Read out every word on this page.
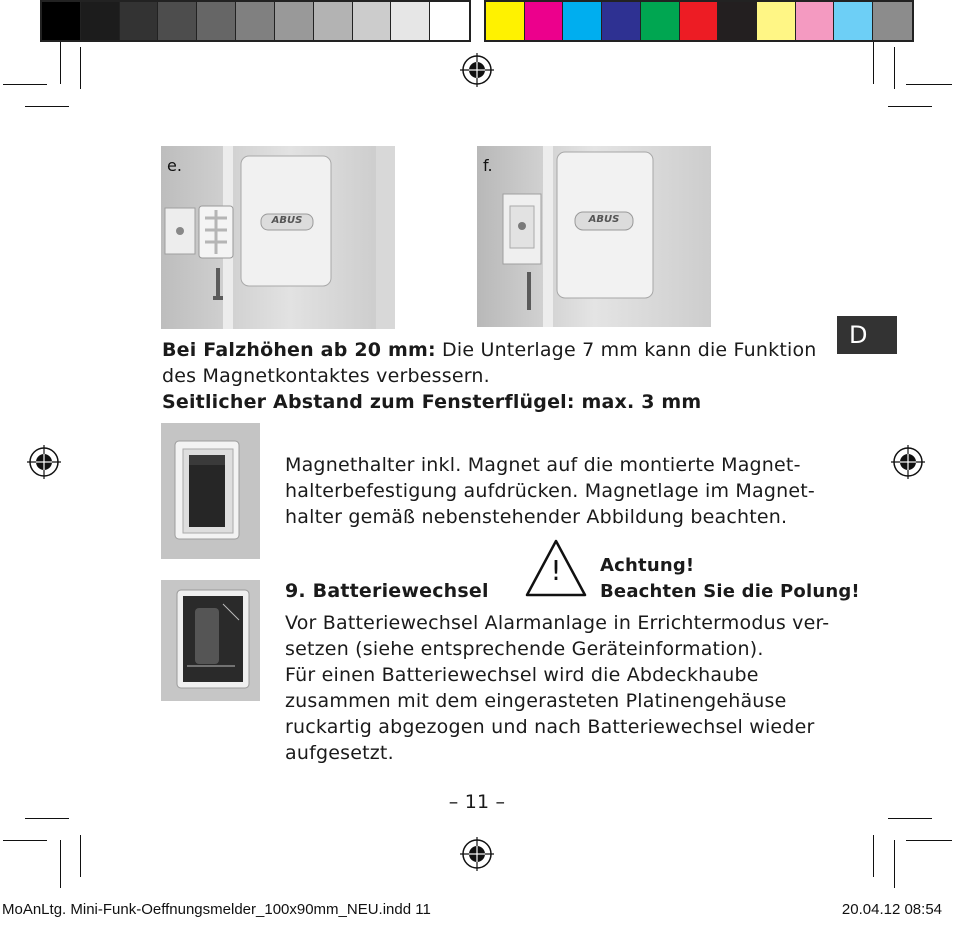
e.
ABUS
f.
ABUS
D
Bei Falzhöhen ab 20 mm: Die Unterlage 7 mm kann die Funktion
des Magnetkontaktes verbessern.
Seitlicher Abstand zum Fensterflügel: max. 3 mm
Magnethalter inkl. Magnet auf die montierte Magnet-
halterbefestigung aufdrücken. Magnetlage im Magnet-
halter gemäß nebenstehender Abbildung beachten.
9. Batteriewechsel
!	Achtung!
Beachten Sie die Polung!
Vor Batteriewechsel Alarmanlage in Errichtermodus ver-
setzen (siehe entsprechende Geräteinformation).
Für einen Batteriewechsel wird die Abdeckhaube
zusammen mit dem eingerasteten Platinengehäuse
ruckartig abgezogen und nach Batteriewechsel wieder
aufgesetzt.
– 11 –
MoAnLtg. Mini-Funk-Oeffnungsmelder_100x90mm_NEU.indd 11	20.04.12 08:54
